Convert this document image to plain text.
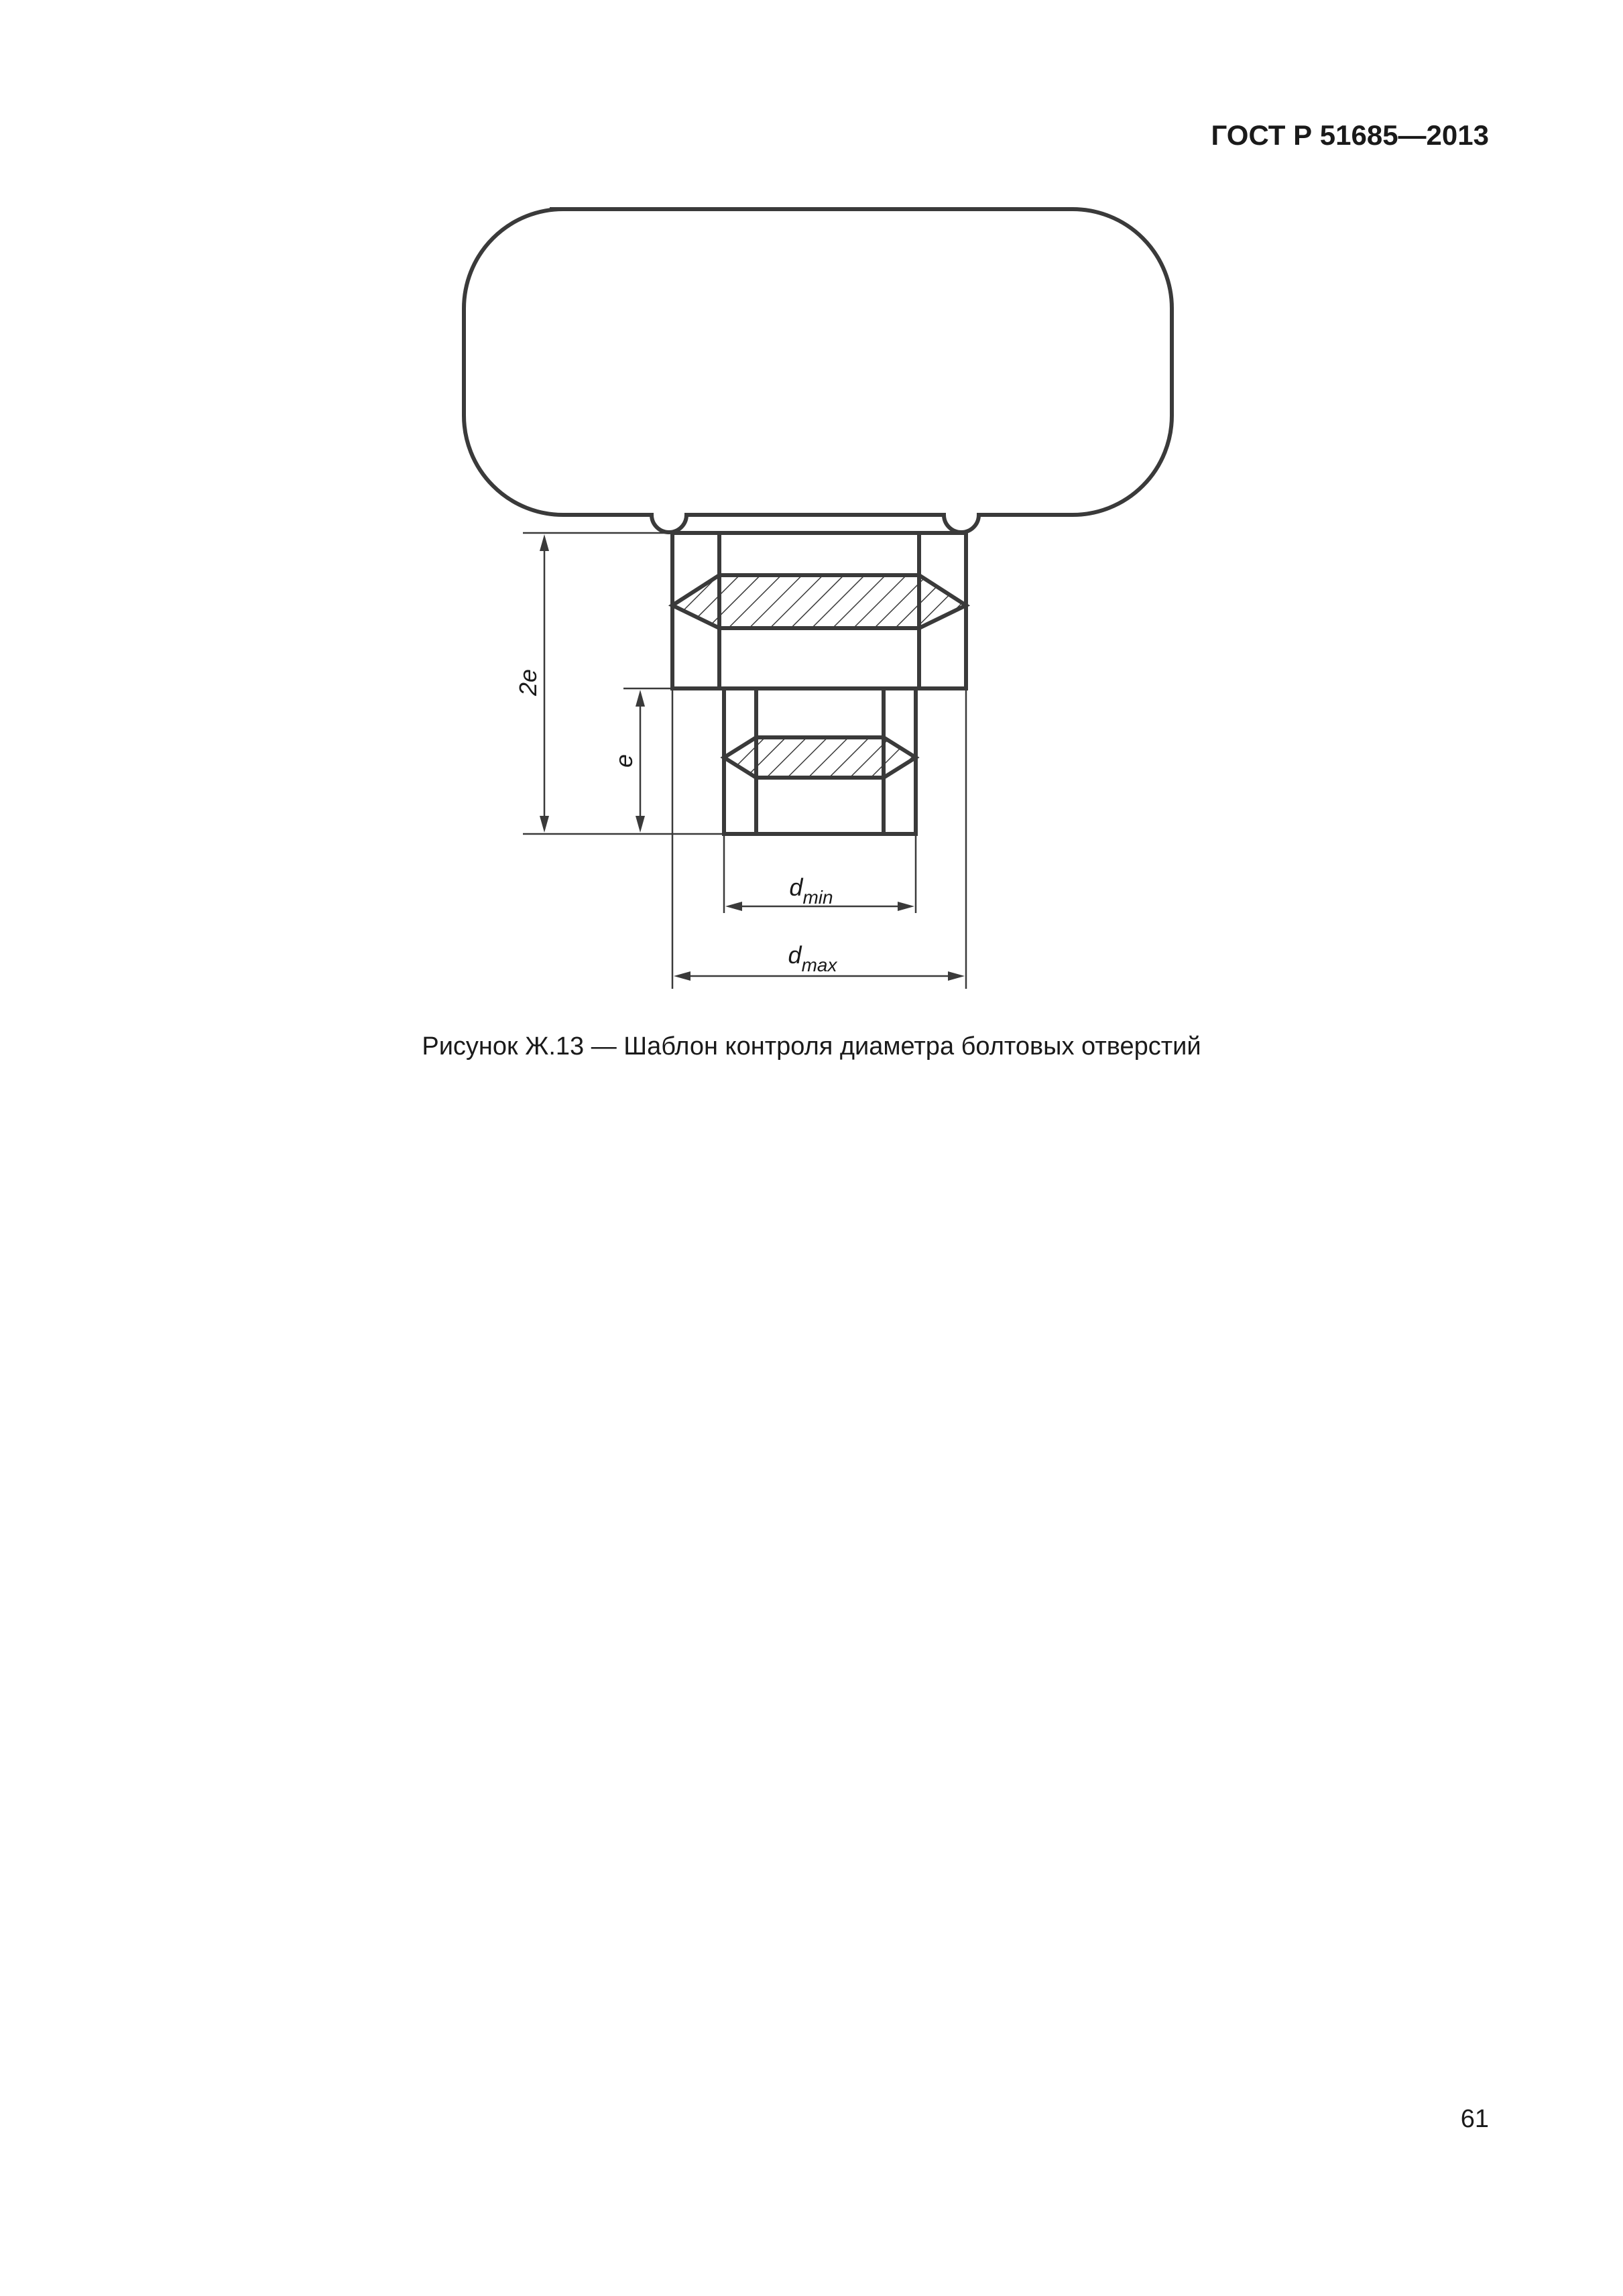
ГОСТ Р 51685—2013
2e
e
$d_{min}$
$d_{max}$
Рисунок Ж.13 — Шаблон контроля диаметра болтовых отверстий
61
